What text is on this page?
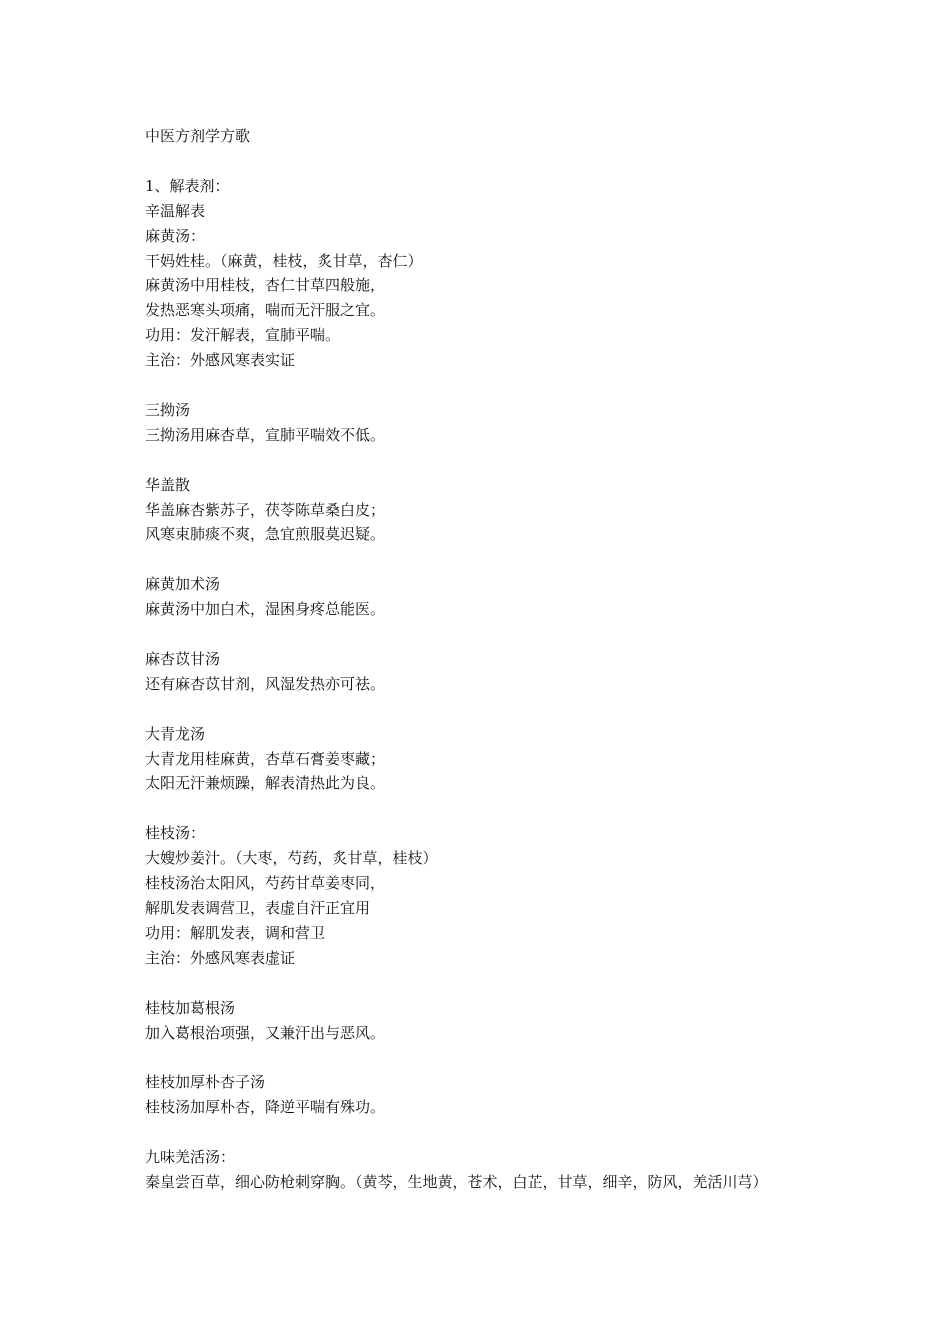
中医方剂学方歌
1、解表剂：
辛温解表
麻黄汤：
干妈姓桂。（麻黄，桂枝，炙甘草，杏仁）
麻黄汤中用桂枝，杏仁甘草四般施，
发热恶寒头项痛，喘而无汗服之宜。
功用：发汗解表，宣肺平喘。
主治：外感风寒表实证
三拗汤
三拗汤用麻杏草，宣肺平喘效不低。
华盖散
华盖麻杏紫苏子，茯苓陈草桑白皮；
风寒束肺痰不爽，急宜煎服莫迟疑。
麻黄加术汤
麻黄汤中加白术，湿困身疼总能医。
麻杏苡甘汤
还有麻杏苡甘剂，风湿发热亦可祛。
大青龙汤
大青龙用桂麻黄，杏草石膏姜枣藏；
太阳无汗兼烦躁，解表清热此为良。
桂枝汤：
大嫂炒姜汁。（大枣，芍药，炙甘草，桂枝）
桂枝汤治太阳风，芍药甘草姜枣同，
解肌发表调营卫，表虚自汗正宜用
功用：解肌发表，调和营卫
主治：外感风寒表虚证
桂枝加葛根汤
加入葛根治项强，又兼汗出与恶风。
桂枝加厚朴杏子汤
桂枝汤加厚朴杏，降逆平喘有殊功。
九味羌活汤：
秦皇尝百草，细心防枪刺穿胸。（黄芩，生地黄，苍术，白芷，甘草，细辛，防风，羌活川芎）
